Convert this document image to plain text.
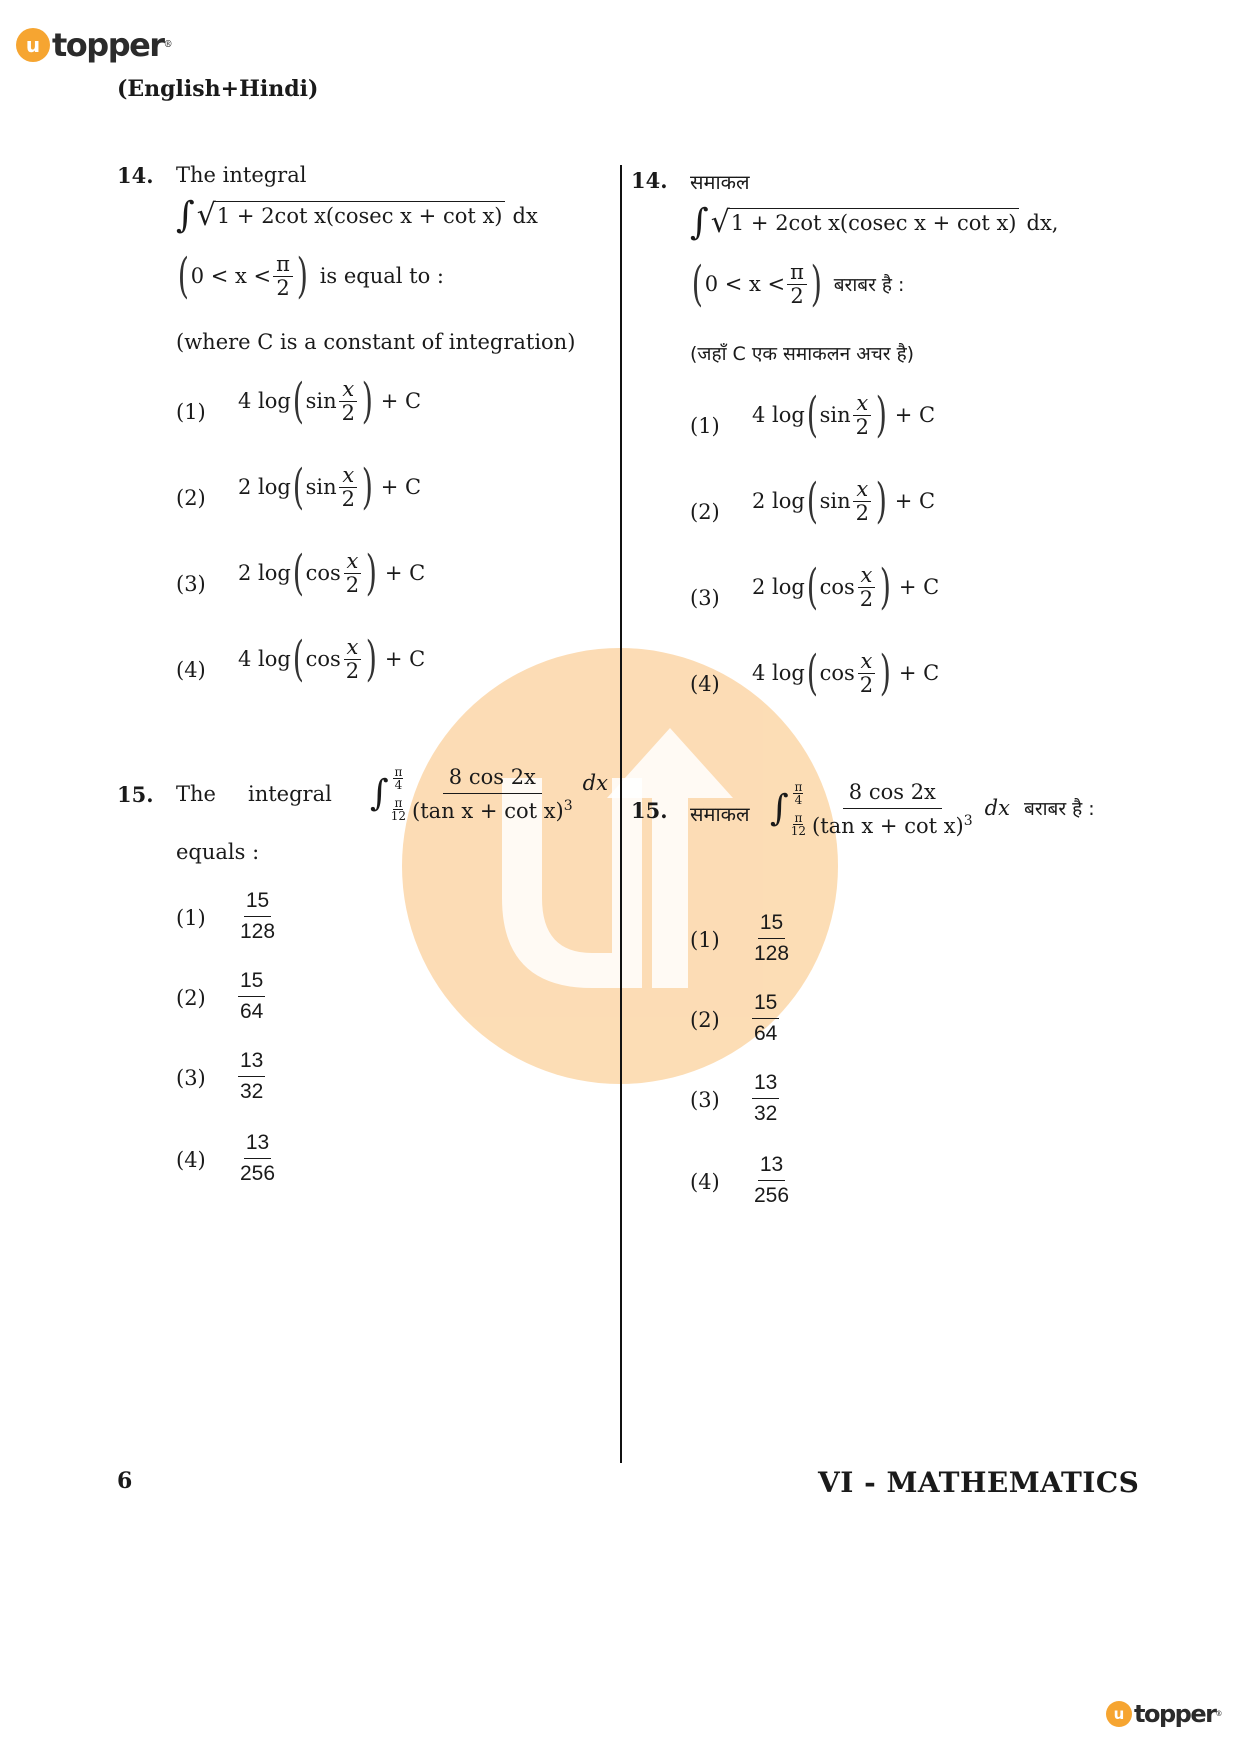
u topper ®
(English+Hindi)
14. The integral
∫ √ 1 + 2cot x(cosec x + cot x) dx
( $0 < x < \frac{\pi}{2}$ ) is equal to :
(where C is a constant of integration)
(1) 4 log ( $\sin \frac{x}{2}$ ) + C
(2) 2 log ( $\sin \frac{x}{2}$ ) + C
(3) 2 log ( $\cos \frac{x}{2}$ ) + C
(4) 4 log ( $\cos \frac{x}{2}$ ) + C
14. समाकल
∫ √ 1 + 2cot x(cosec x + cot x) dx,
( $0 < x < \frac{\pi}{2}$ ) बराबर है :
(जहाँ C एक समाकलन अचर है)
(1) 4 log ( $\sin \frac{x}{2}$ ) + C
(2) 2 log ( $\sin \frac{x}{2}$ ) + C
(3) 2 log ( $\cos \frac{x}{2}$ ) + C
(4) 4 log ( $\cos \frac{x}{2}$ ) + C
15. The integral ∫ $\frac{\pi}{4}$
$\frac{\pi}{12} \frac{8 \cos 2x}{(\tan x + \cot x)^3}$ dx
equals :
$(1) \frac{15}{128}$
$(2) \frac{15}{64}$
$(3) \frac{13}{32}$
$(4) \frac{13}{256}$
15. समाकल ∫ $\frac{\pi}{4}$
$\frac{\pi}{12} \frac{8 \cos 2x}{(\tan x + \cot x)^3}$ dx बराबर है :
$(1) \frac{15}{128}$
$(2) \frac{15}{64}$
$(3) \frac{13}{32}$
$(4) \frac{13}{256}$
6	VI - MATHEMATICS
u topper ®
